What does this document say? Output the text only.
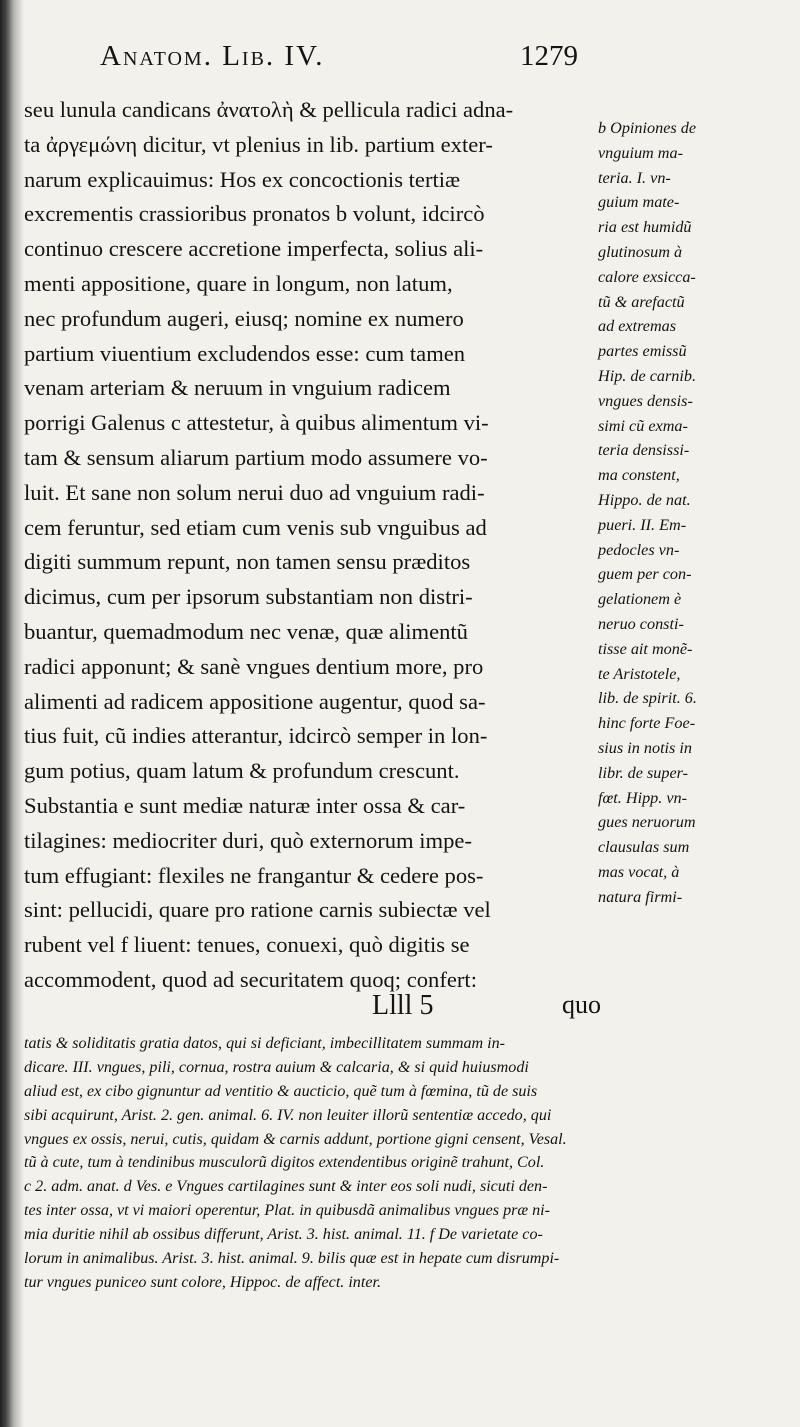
Anatom. Lib. IV.	1279
seu lunula candicans ἀνατολὴ & pellicula radici adna-
ta ἀργεμώνη dicitur, vt plenius in lib. partium exter-
narum explicauimus: Hos ex concoctionis tertiæ
excrementis crassioribus pronatos b volunt, idcircò
continuo crescere accretione imperfecta, solius ali-
menti appositione, quare in longum, non latum,
nec profundum augeri, eiusq; nomine ex numero
partium viuentium excludendos esse: cum tamen
venam arteriam & neruum in vnguium radicem
porrigi Galenus c attestetur, à quibus alimentum vi-
tam & sensum aliarum partium modo assumere vo-
luit. Et sane non solum nerui duo ad vnguium radi-
cem feruntur, sed etiam cum venis sub vnguibus ad
digiti summum repunt, non tamen sensu præditos
dicimus, cum per ipsorum substantiam non distri-
buantur, quemadmodum nec venæ, quæ alimentũ
radici apponunt; & sanè vngues dentium more, pro
alimenti ad radicem appositione augentur, quod sa-
tius fuit, cũ indies atterantur, idcircò semper in lon-
gum potius, quam latum & profundum crescunt.
Substantia e sunt mediæ naturæ inter ossa & car-
tilagines: mediocriter duri, quò externorum impe-
tum effugiant: flexiles ne frangantur & cedere pos-
sint: pellucidi, quare pro ratione carnis subiectæ vel
rubent vel f liuent: tenues, conuexi, quò digitis se
accommodent, quod ad securitatem quoq; confert:
b Opiniones de
vnguium ma-
teria. I. vn-
guium mate-
ria est humidũ
glutinosum à
calore exsicca-
tũ & arefactũ
ad extremas
partes emissũ
Hip. de carnib.
vngues densis-
simi cũ exma-
teria densissi-
ma constent,
Hippo. de nat.
pueri. II. Em-
pedocles vn-
guem per con-
gelationem è
neruo consti-
tisse ait monẽ-
te Aristotele,
lib. de spirit. 6.
hinc forte Foe-
sius in notis in
libr. de super-
fœt. Hipp. vn-
gues neruorum
clausulas sum
mas vocat, à
natura firmi-
Llll 5	quo
tatis & soliditatis gratia datos, qui si deficiant, imbecillitatem summam in-
dicare. III. vngues, pili, cornua, rostra auium & calcaria, & si quid huiusmodi
aliud est, ex cibo gignuntur ad ventitio & aucticio, quẽ tum à fœmina, tũ de suis
sibi acquirunt, Arist. 2. gen. animal. 6. IV. non leuiter illorũ sententiæ accedo, qui
vngues ex ossis, nerui, cutis, quidam & carnis addunt, portione gigni censent, Vesal.
tũ à cute, tum à tendinibus musculorũ digitos extendentibus originẽ trahunt, Col.
c 2. adm. anat. d Ves. e Vngues cartilagines sunt & inter eos soli nudi, sicuti den-
tes inter ossa, vt vi maiori operentur, Plat. in quibusdã animalibus vngues præ ni-
mia duritie nihil ab ossibus differunt, Arist. 3. hist. animal. 11. f De varietate co-
lorum in animalibus. Arist. 3. hist. animal. 9. bilis quæ est in hepate cum disrumpi-
tur vngues puniceo sunt colore, Hippoc. de affect. inter.
